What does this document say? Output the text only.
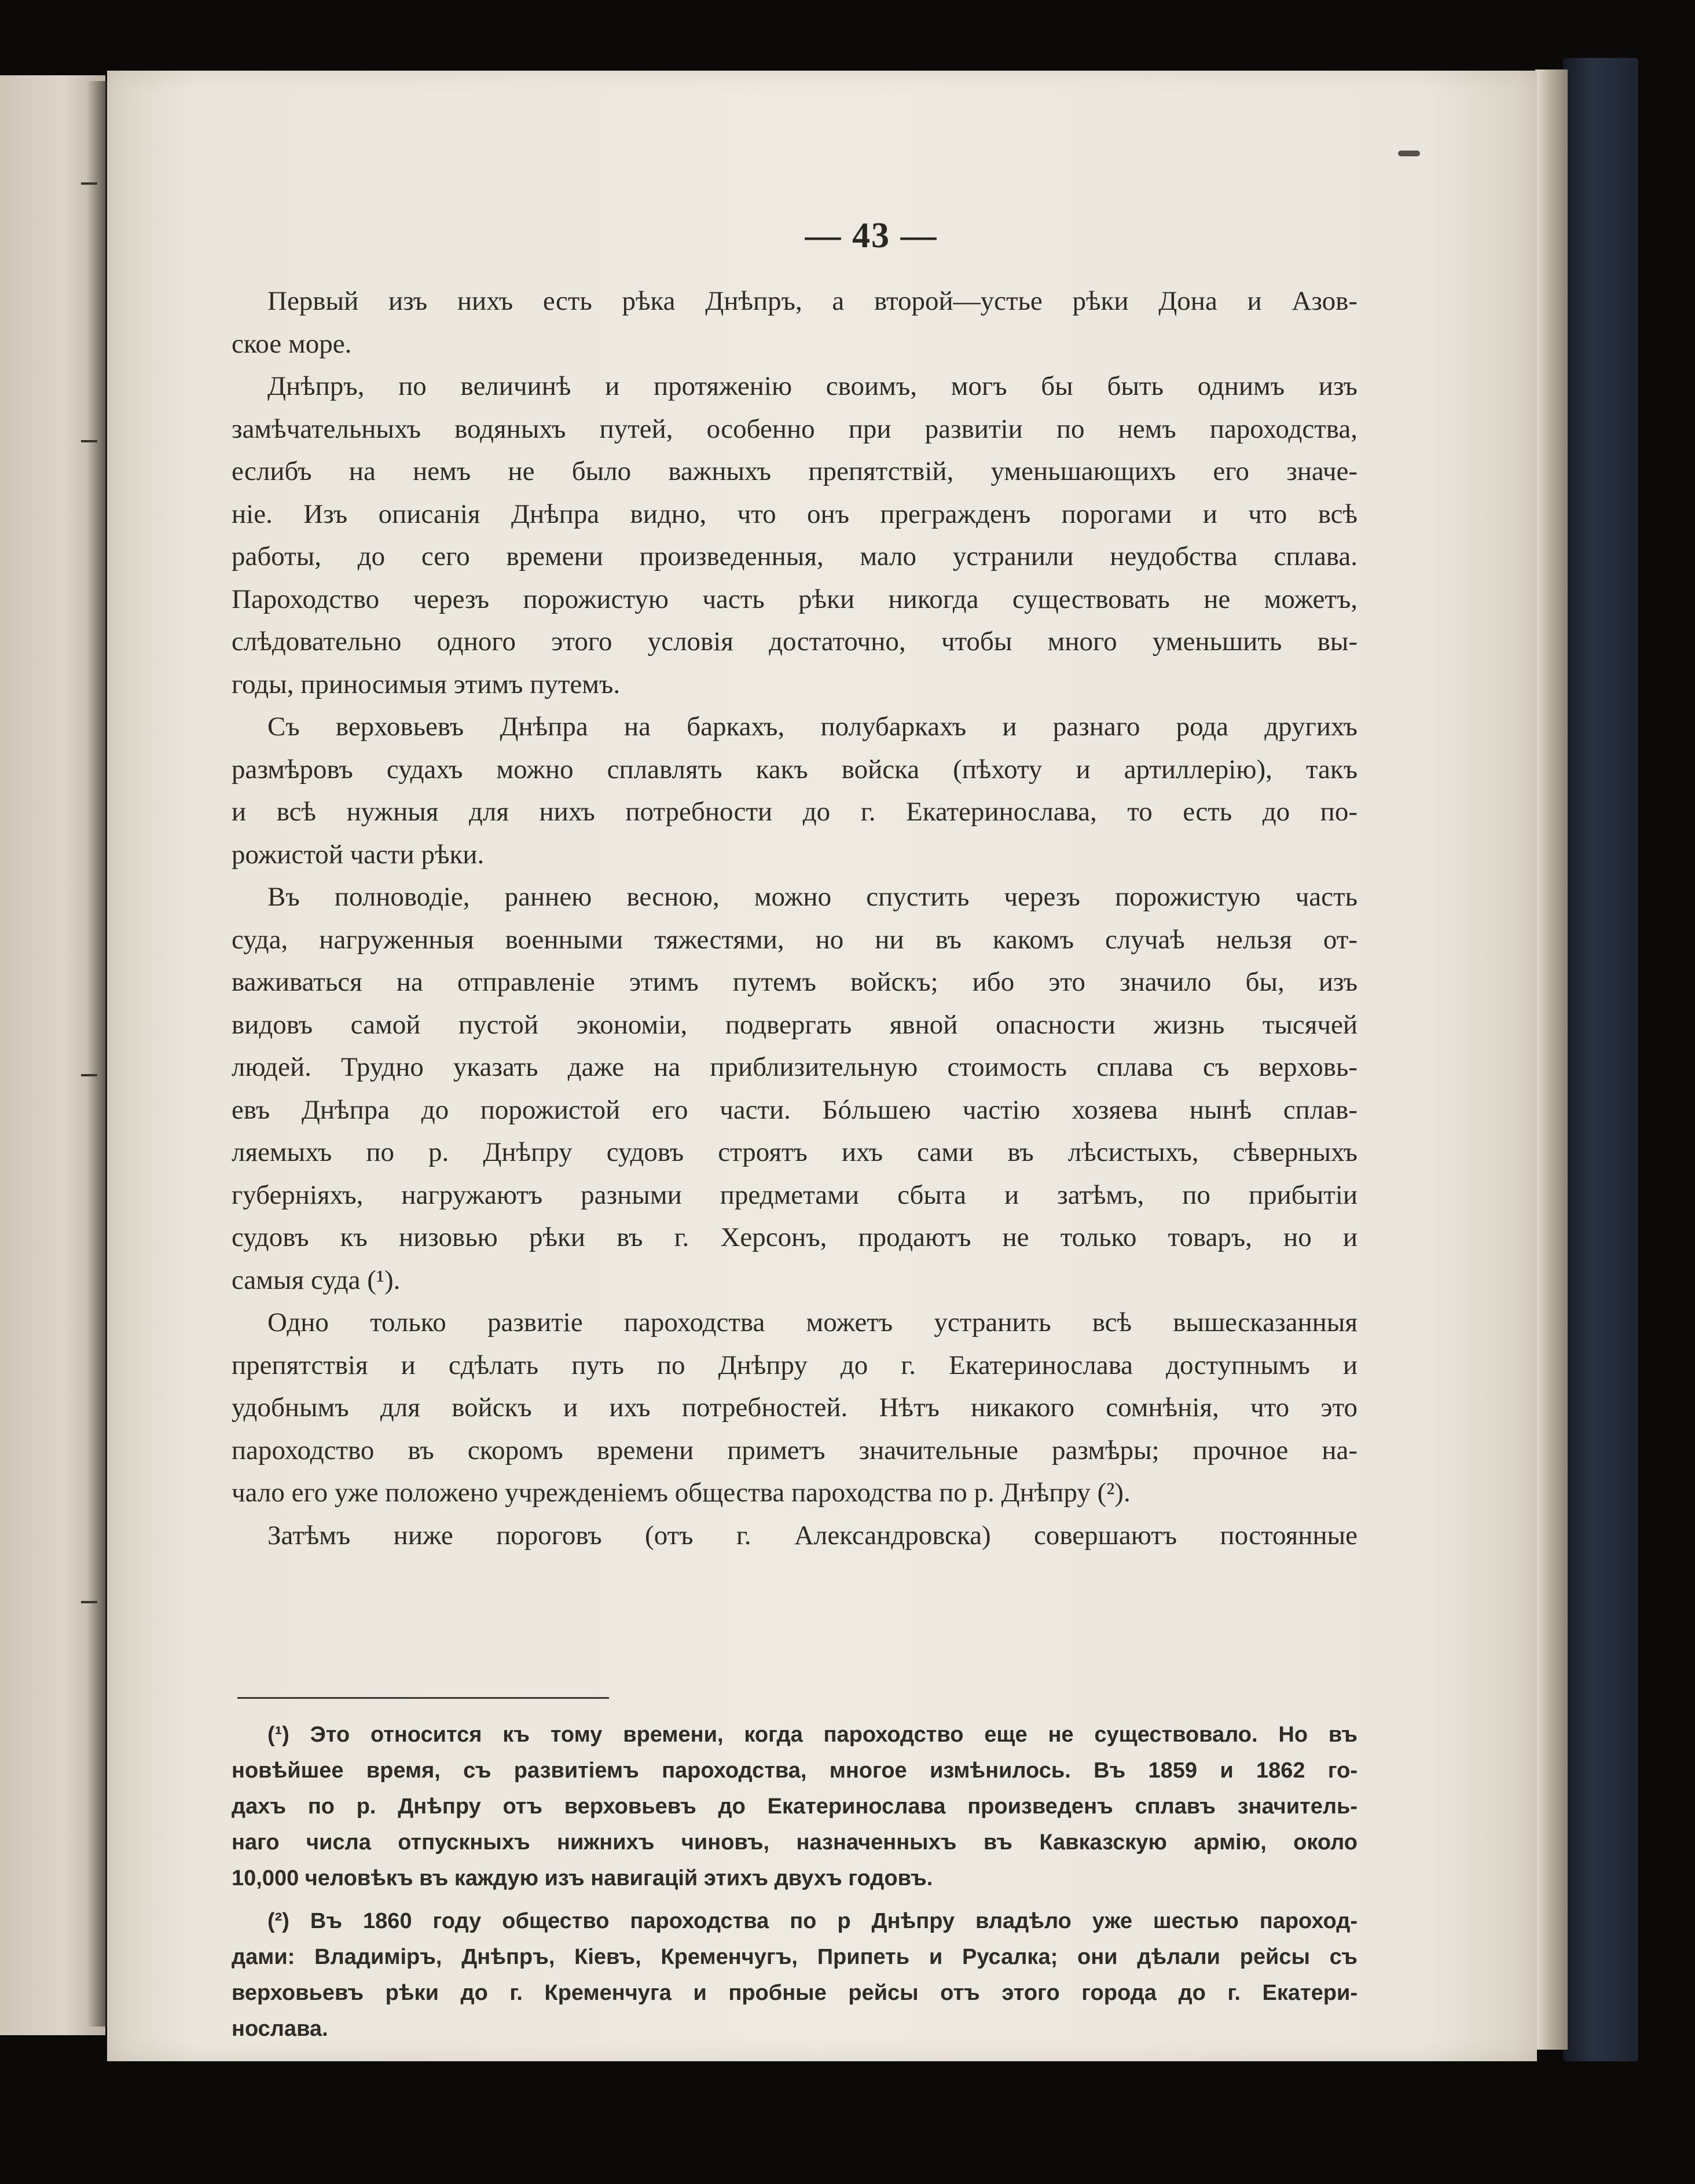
— 43 —
Первый изъ нихъ есть рѣка Днѣпръ, а второй—устье рѣки Дона и Азов-
ское море.
Днѣпръ, по величинѣ и протяженію своимъ, могъ бы быть однимъ изъ
замѣчательныхъ водяныхъ путей, особенно при развитіи по немъ пароходства,
еслибъ на немъ не было важныхъ препятствій, уменьшающихъ его значе-
ніе. Изъ описанія Днѣпра видно, что онъ прегражденъ порогами и что всѣ
работы, до сего времени произведенныя, мало устранили неудобства сплава.
Пароходство черезъ порожистую часть рѣки никогда существовать не можетъ,
слѣдовательно одного этого условія достаточно, чтобы много уменьшить вы-
годы, приносимыя этимъ путемъ.
Съ верховьевъ Днѣпра на баркахъ, полубаркахъ и разнаго рода другихъ
размѣровъ судахъ можно сплавлять какъ войска (пѣхоту и артиллерію), такъ
и всѣ нужныя для нихъ потребности до г. Екатеринослава, то есть до по-
рожистой части рѣки.
Въ полноводіе, раннею весною, можно спустить черезъ порожистую часть
суда, нагруженныя военными тяжестями, но ни въ какомъ случаѣ нельзя от-
важиваться на отправленіе этимъ путемъ войскъ; ибо это значило бы, изъ
видовъ самой пустой экономіи, подвергать явной опасности жизнь тысячей
людей. Трудно указать даже на приблизительную стоимость сплава съ верховь-
евъ Днѣпра до порожистой его части. Бóльшею частію хозяева нынѣ сплав-
ляемыхъ по р. Днѣпру судовъ строятъ ихъ сами въ лѣсистыхъ, сѣверныхъ
губерніяхъ, нагружаютъ разными предметами сбыта и затѣмъ, по прибытіи
судовъ къ низовью рѣки въ г. Херсонъ, продаютъ не только товаръ, но и
самыя суда (¹).
Одно только развитіе пароходства можетъ устранить всѣ вышесказанныя
препятствія и сдѣлать путь по Днѣпру до г. Екатеринослава доступнымъ и
удобнымъ для войскъ и ихъ потребностей. Нѣтъ никакого сомнѣнія, что это
пароходство въ скоромъ времени приметъ значительные размѣры; прочное на-
чало его уже положено учрежденіемъ общества пароходства по р. Днѣпру (²).
Затѣмъ ниже пороговъ (отъ г. Александровска) совершаютъ постоянные
(¹) Это относится къ тому времени, когда пароходство еще не существовало. Но въ
новѣйшее время, съ развитіемъ пароходства, многое измѣнилось. Въ 1859 и 1862 го-
дахъ по р. Днѣпру отъ верховьевъ до Екатеринослава произведенъ сплавъ значитель-
наго числа отпускныхъ нижнихъ чиновъ, назначенныхъ въ Кавказскую армію, около
10,000 человѣкъ въ каждую изъ навигацій этихъ двухъ годовъ.
(²) Въ 1860 году общество пароходства по р Днѣпру владѣло уже шестью пароход-
дами: Владиміръ, Днѣпръ, Кіевъ, Кременчугъ, Припеть и Русалка; они дѣлали рейсы съ
верховьевъ рѣки до г. Кременчуга и пробные рейсы отъ этого города до г. Екатери-
нослава.
